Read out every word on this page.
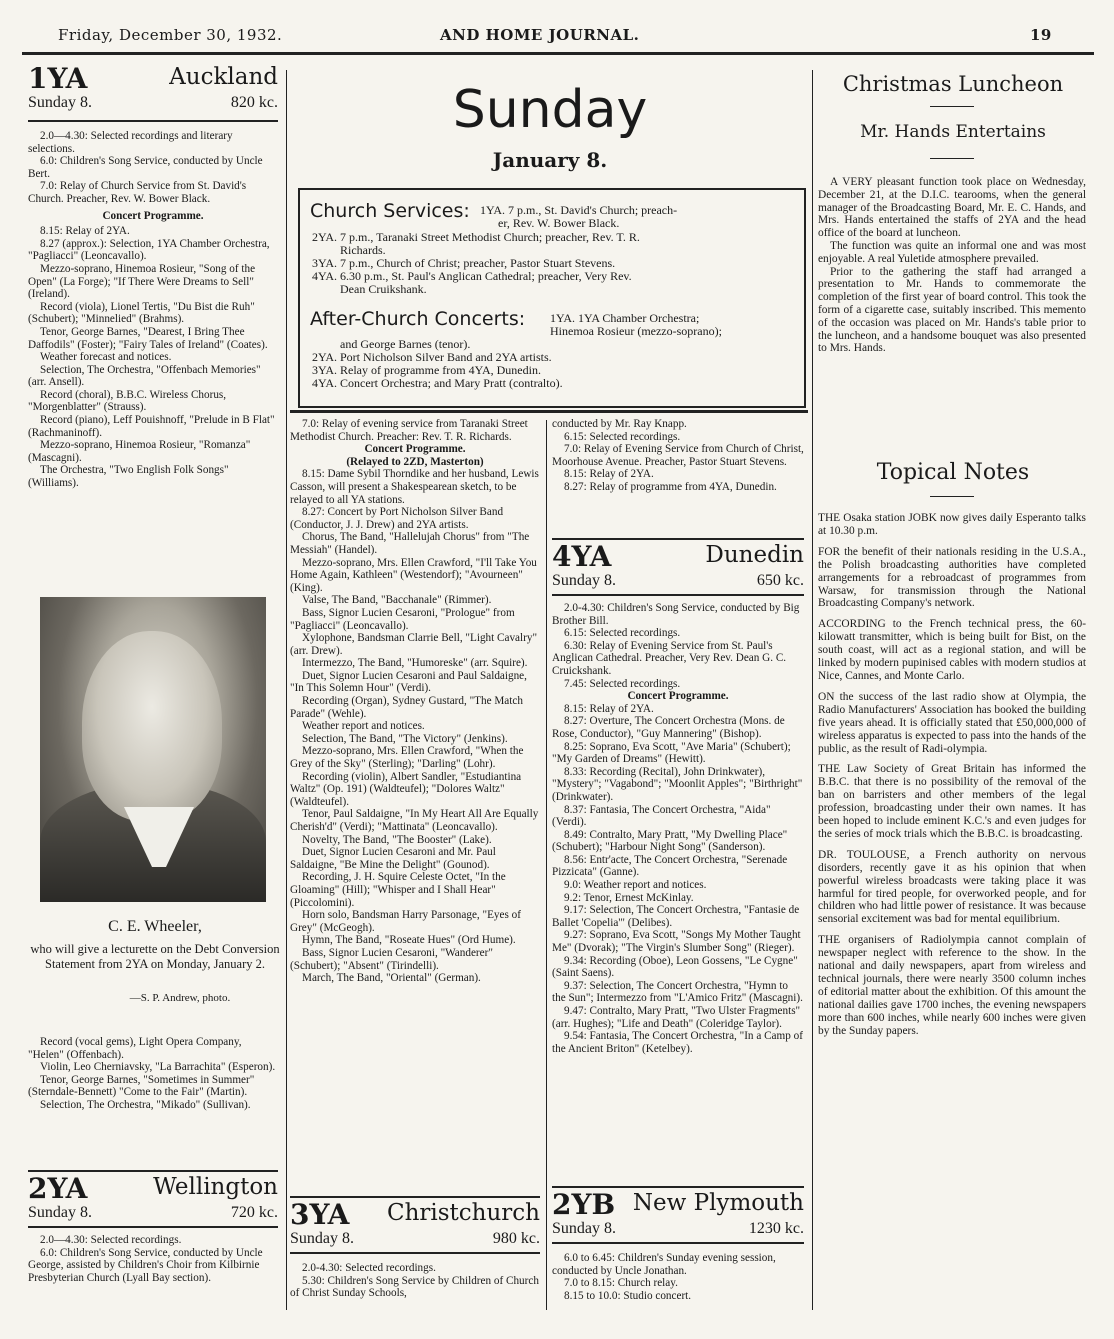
Friday, December 30, 1932.	AND HOME JOURNAL.	19
1YA	Auckland
Sunday 8.	820 kc.

2.0—4.30: Selected recordings and literary selections.

6.0: Children's Song Service, conducted by Uncle Bert.

7.0: Relay of Church Service from St. David's Church. Preacher, Rev. W. Bower Black.

Concert Programme.

8.15: Relay of 2YA.

8.27 (approx.): Selection, 1YA Chamber Orchestra, "Pagliacci" (Leoncavallo).

Mezzo-soprano, Hinemoa Rosieur, "Song of the Open" (La Forge); "If There Were Dreams to Sell" (Ireland).

Record (viola), Lionel Tertis, "Du Bist die Ruh" (Schubert); "Minnelied" (Brahms).

Tenor, George Barnes, "Dearest, I Bring Thee Daffodils" (Foster); "Fairy Tales of Ireland" (Coates).

Weather forecast and notices.

Selection, The Orchestra, "Offenbach Memories" (arr. Ansell).

Record (choral), B.B.C. Wireless Chorus, "Morgenblatter" (Strauss).

Record (piano), Leff Pouishnoff, "Prelude in B Flat" (Rachmaninoff).

Mezzo-soprano, Hinemoa Rosieur, "Romanza" (Mascagni).

The Orchestra, "Two English Folk Songs" (Williams).

C. E. Wheeler,
who will give a lecturette on the Debt Conversion Statement from 2YA on Monday, January 2.
—S. P. Andrew, photo.

Record (vocal gems), Light Opera Company, "Helen" (Offenbach).

Violin, Leo Cherniavsky, "La Barrachita" (Esperon).

Tenor, George Barnes, "Sometimes in Summer" (Sterndale-Bennett) "Come to the Fair" (Martin).

Selection, The Orchestra, "Mikado" (Sullivan).

2YA	Wellington
Sunday 8.	720 kc.

2.0—4.30: Selected recordings.

6.0: Children's Song Service, conducted by Uncle George, assisted by Children's Choir from Kilbirnie Presbyterian Church (Lyall Bay section).

Sunday
January 8.
Church Services: 1YA. 7 p.m., St. David's Church; preach-

er, Rev. W. Bower Black.

2YA. 7 p.m., Taranaki Street Methodist Church; preacher, Rev. T. R.

Richards.

3YA. 7 p.m., Church of Christ; preacher, Pastor Stuart Stevens.

4YA. 6.30 p.m., St. Paul's Anglican Cathedral; preacher, Very Rev.

Dean Cruikshank.

After-Church Concerts: 1YA. 1YA Chamber Orchestra;

Hinemoa Rosieur (mezzo-soprano);

and George Barnes (tenor).

2YA. Port Nicholson Silver Band and 2YA artists.

3YA. Relay of programme from 4YA, Dunedin.

4YA. Concert Orchestra; and Mary Pratt (contralto).

7.0: Relay of evening service from Taranaki Street Methodist Church. Preacher: Rev. T. R. Richards.

Concert Programme.

(Relayed to 2ZD, Masterton)

8.15: Dame Sybil Thorndike and her husband, Lewis Casson, will present a Shakespearean sketch, to be relayed to all YA stations.

8.27: Concert by Port Nicholson Silver Band (Conductor, J. J. Drew) and 2YA artists.

Chorus, The Band, "Hallelujah Chorus" from "The Messiah" (Handel).

Mezzo-soprano, Mrs. Ellen Crawford, "I'll Take You Home Again, Kathleen" (Westendorf); "Avourneen" (King).

Valse, The Band, "Bacchanale" (Rimmer).

Bass, Signor Lucien Cesaroni, "Prologue" from "Pagliacci" (Leoncavallo).

Xylophone, Bandsman Clarrie Bell, "Light Cavalry" (arr. Drew).

Intermezzo, The Band, "Humoreske" (arr. Squire).

Duet, Signor Lucien Cesaroni and Paul Saldaigne, "In This Solemn Hour" (Verdi).

Recording (Organ), Sydney Gustard, "The Match Parade" (Wehle).

Weather report and notices.

Selection, The Band, "The Victory" (Jenkins).

Mezzo-soprano, Mrs. Ellen Crawford, "When the Grey of the Sky" (Sterling); "Darling" (Lohr).

Recording (violin), Albert Sandler, "Estudiantina Waltz" (Op. 191) (Waldteufel); "Dolores Waltz" (Waldteufel).

Tenor, Paul Saldaigne, "In My Heart All Are Equally Cherish'd" (Verdi); "Mattinata" (Leoncavallo).

Novelty, The Band, "The Booster" (Lake).

Duet, Signor Lucien Cesaroni and Mr. Paul Saldaigne, "Be Mine the Delight" (Gounod).

Recording, J. H. Squire Celeste Octet, "In the Gloaming" (Hill); "Whisper and I Shall Hear" (Piccolomini).

Horn solo, Bandsman Harry Parsonage, "Eyes of Grey" (McGeogh).

Hymn, The Band, "Roseate Hues" (Ord Hume).

Bass, Signor Lucien Cesaroni, "Wanderer" (Schubert); "Absent" (Tirindelli).

March, The Band, "Oriental" (German).

3YA	Christchurch
Sunday 8.	980 kc.

2.0-4.30: Selected recordings.

5.30: Children's Song Service by Children of Church of Christ Sunday Schools,

conducted by Mr. Ray Knapp.

6.15: Selected recordings.

7.0: Relay of Evening Service from Church of Christ, Moorhouse Avenue. Preacher, Pastor Stuart Stevens.

8.15: Relay of 2YA.

8.27: Relay of programme from 4YA, Dunedin.

4YA	Dunedin
Sunday 8.	650 kc.

2.0-4.30: Children's Song Service, conducted by Big Brother Bill.

6.15: Selected recordings.

6.30: Relay of Evening Service from St. Paul's Anglican Cathedral. Preacher, Very Rev. Dean G. C. Cruickshank.

7.45: Selected recordings.

Concert Programme.

8.15: Relay of 2YA.

8.27: Overture, The Concert Orchestra (Mons. de Rose, Conductor), "Guy Mannering" (Bishop).

8.25: Soprano, Eva Scott, "Ave Maria" (Schubert); "My Garden of Dreams" (Hewitt).

8.33: Recording (Recital), John Drinkwater), "Mystery"; "Vagabond"; "Moonlit Apples"; "Birthright" (Drinkwater).

8.37: Fantasia, The Concert Orchestra, "Aida" (Verdi).

8.49: Contralto, Mary Pratt, "My Dwelling Place" (Schubert); "Harbour Night Song" (Sanderson).

8.56: Entr'acte, The Concert Orchestra, "Serenade Pizzicata" (Ganne).

9.0: Weather report and notices.

9.2: Tenor, Ernest McKinlay.

9.17: Selection, The Concert Orchestra, "Fantasie de Ballet 'Copelia'" (Delibes).

9.27: Soprano, Eva Scott, "Songs My Mother Taught Me" (Dvorak); "The Virgin's Slumber Song" (Rieger).

9.34: Recording (Oboe), Leon Gossens, "Le Cygne" (Saint Saens).

9.37: Selection, The Concert Orchestra, "Hymn to the Sun"; Intermezzo from "L'Amico Fritz" (Mascagni).

9.47: Contralto, Mary Pratt, "Two Ulster Fragments" (arr. Hughes); "Life and Death" (Coleridge Taylor).

9.54: Fantasia, The Concert Orchestra, "In a Camp of the Ancient Briton" (Ketelbey).

2YB New Plymouth
Sunday 8.	1230 kc.

6.0 to 6.45: Children's Sunday evening session, conducted by Uncle Jonathan.

7.0 to 8.15: Church relay.

8.15 to 10.0: Studio concert.

Christmas Luncheon
Mr. Hands Entertains

A VERY pleasant function took place on Wednesday, December 21, at the D.I.C. tearooms, when the general manager of the Broadcasting Board, Mr. E. C. Hands, and Mrs. Hands entertained the staffs of 2YA and the head office of the board at luncheon.

The function was quite an informal one and was most enjoyable. A real Yuletide atmosphere prevailed.

Prior to the gathering the staff had arranged a presentation to Mr. Hands to commemorate the completion of the first year of board control. This took the form of a cigarette case, suitably inscribed. This memento of the occasion was placed on Mr. Hands's table prior to the luncheon, and a handsome bouquet was also presented to Mrs. Hands.

Topical Notes

THE Osaka station JOBK now gives daily Esperanto talks at 10.30 p.m.

FOR the benefit of their nationals residing in the U.S.A., the Polish broadcasting authorities have completed arrangements for a rebroadcast of programmes from Warsaw, for transmission through the National Broadcasting Company's network.

ACCORDING to the French technical press, the 60-kilowatt transmitter, which is being built for Bist, on the south coast, will act as a regional station, and will be linked by modern pupinised cables with modern studios at Nice, Cannes, and Monte Carlo.

ON the success of the last radio show at Olympia, the Radio Manufacturers' Association has booked the building five years ahead. It is officially stated that £50,000,000 of wireless apparatus is expected to pass into the hands of the public, as the result of Radi-olympia.

THE Law Society of Great Britain has informed the B.B.C. that there is no possibility of the removal of the ban on barristers and other members of the legal profession, broadcasting under their own names. It has been hoped to include eminent K.C.'s and even judges for the series of mock trials which the B.B.C. is broadcasting.

DR. TOULOUSE, a French authority on nervous disorders, recently gave it as his opinion that when powerful wireless broadcasts were taking place it was harmful for tired people, for overworked people, and for children who had little power of resistance. It was because sensorial excitement was bad for mental equilibrium.

THE organisers of Radiolympia cannot complain of newspaper neglect with reference to the show. In the national and daily newspapers, apart from wireless and technical journals, there were nearly 3500 column inches of editorial matter about the exhibition. Of this amount the national dailies gave 1700 inches, the evening newspapers more than 600 inches, while nearly 600 inches were given by the Sunday papers.
